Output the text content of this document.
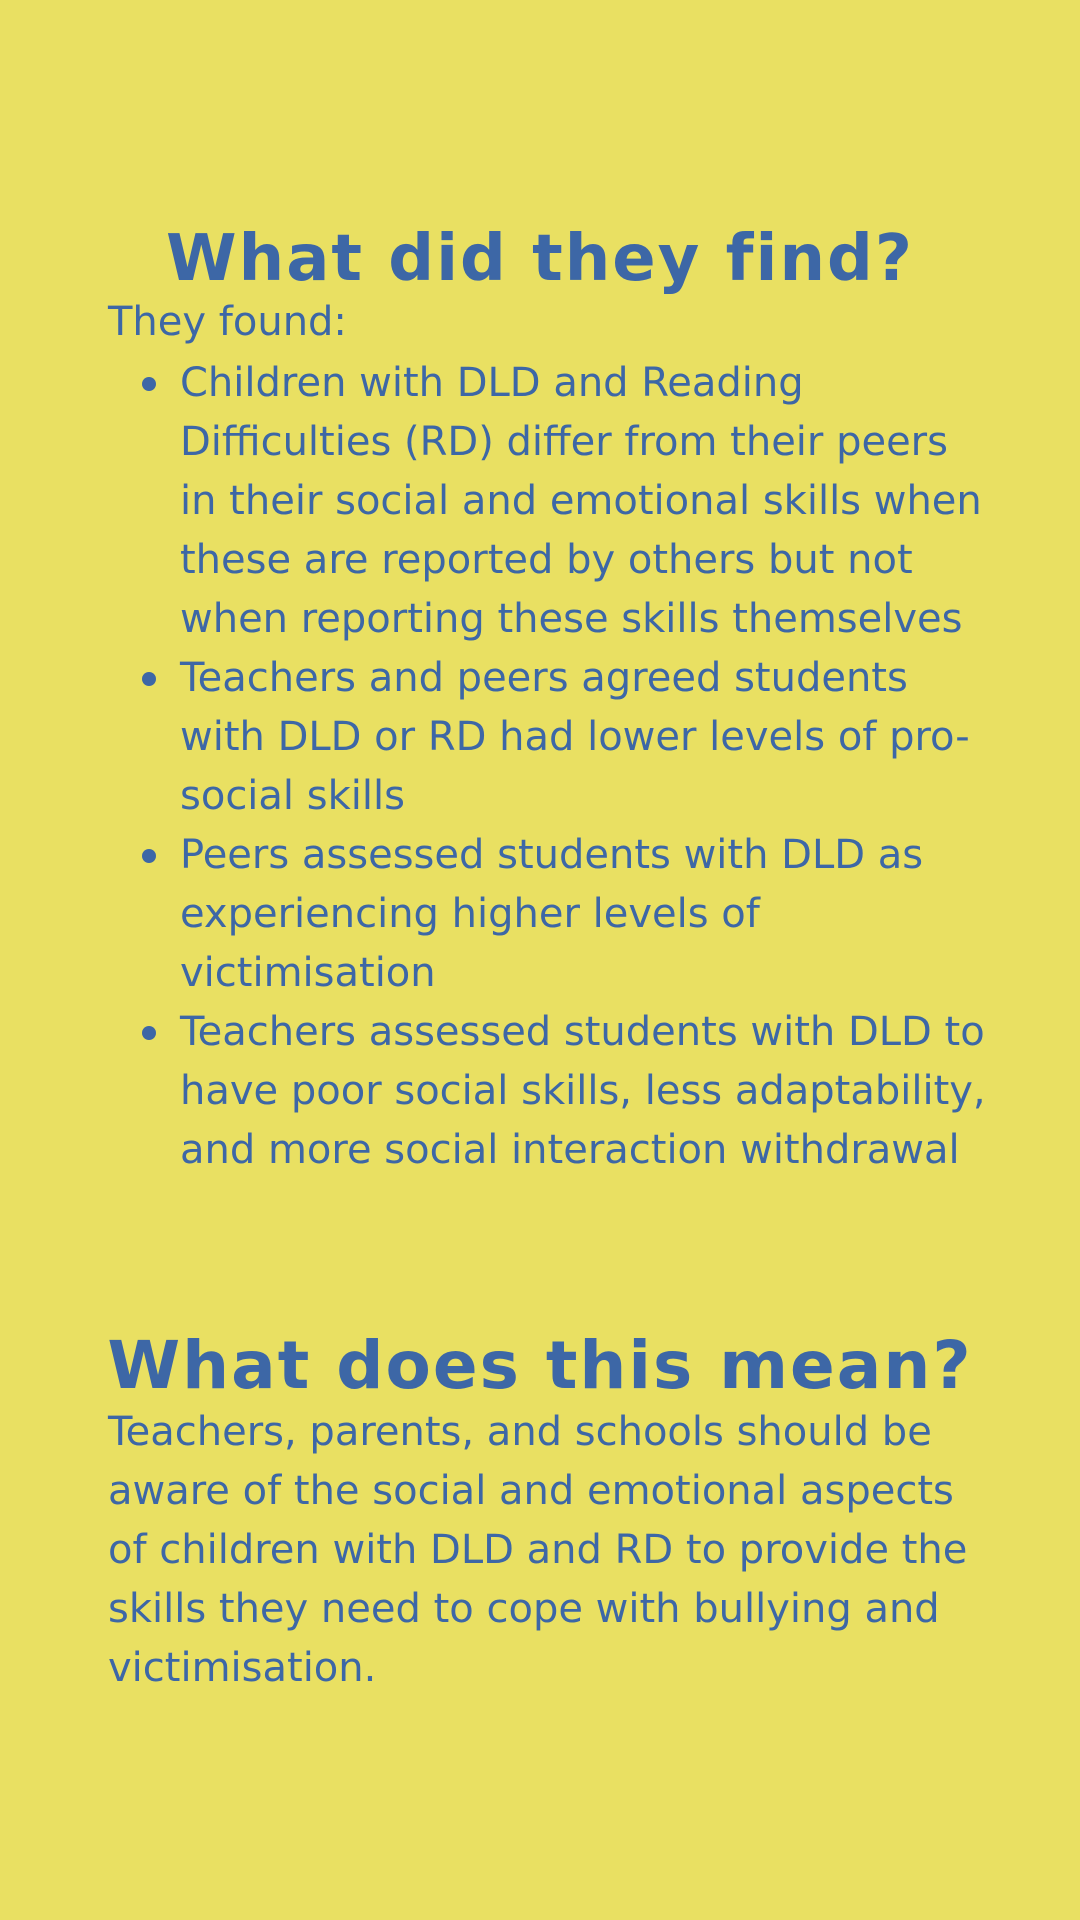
What did they find?
They found:
Children with DLD and Reading Difficulties (RD) differ from their peers in their social and emotional skills when these are reported by others but not when reporting these skills themselves
Teachers and peers agreed students with DLD or RD had lower levels of pro-social skills
Peers assessed students with DLD as experiencing higher levels of victimisation
Teachers assessed students with DLD to have poor social skills, less adaptability, and more social interaction withdrawal
What does this mean?

Teachers, parents, and schools should be aware of the social and emotional aspects of children with DLD and RD to provide the skills they need to cope with bullying and victimisation.
